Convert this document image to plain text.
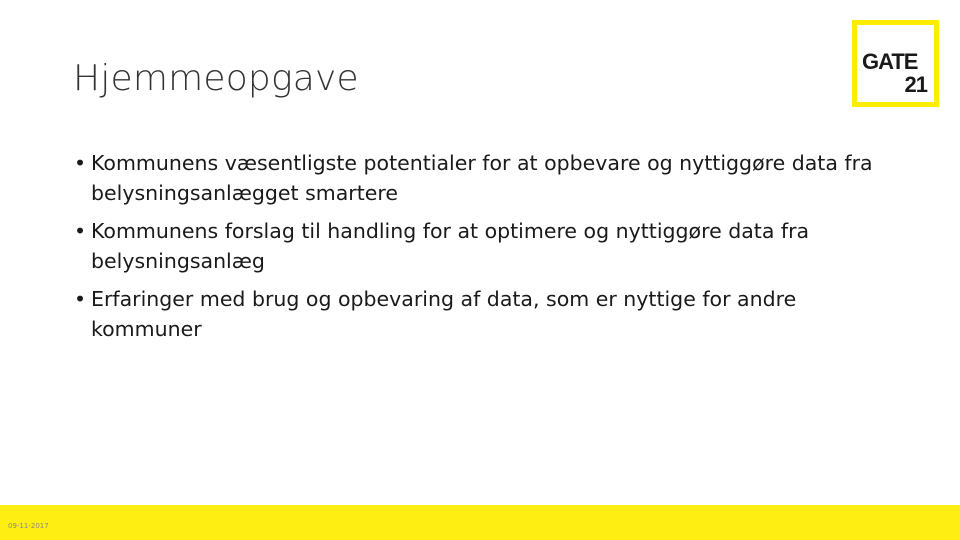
Hjemmeopgave
• Kommunens væsentligste potentialer for at opbevare og nyttiggøre data fra belysningsanlægget smartere
• Kommunens forslag til handling for at optimere og nyttiggøre data fra belysningsanlæg
• Erfaringer med brug og opbevaring af data, som er nyttige for andre kommuner
GATE
21
09-11-2017
